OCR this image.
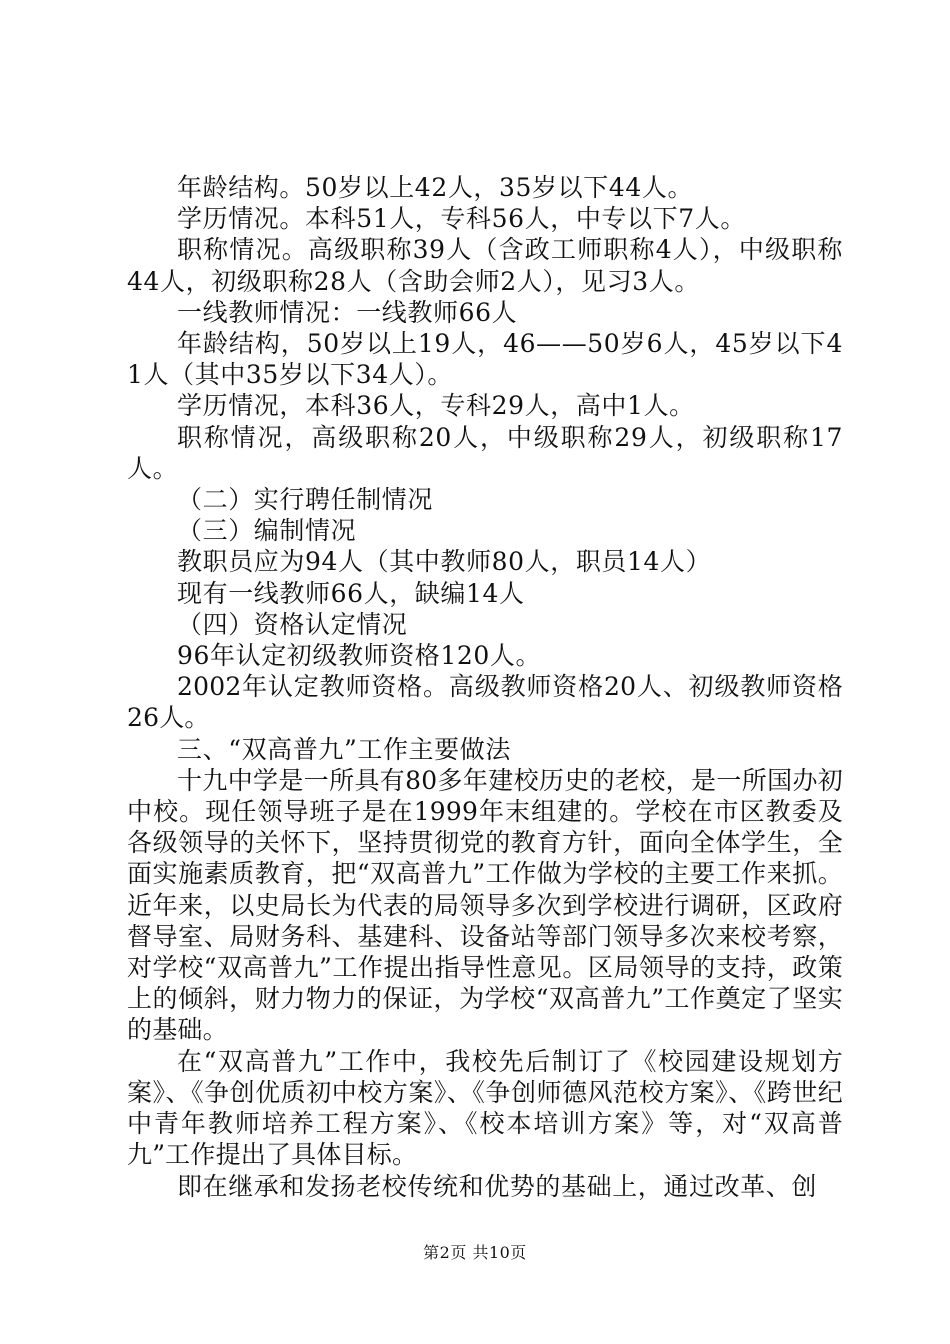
年龄结构。50岁以上42人，35岁以下44人。

学历情况。本科51人，专科56人，中专以下7人。

职称情况。高级职称39人（含政工师职称4人），中级职称44人，初级职称28人（含助会师2人），见习3人。

一线教师情况：一线教师66人

年龄结构，50岁以上19人，46——50岁6人，45岁以下41人（其中35岁以下34人）。

学历情况，本科36人，专科29人，高中1人。

职称情况，高级职称20人，中级职称29人，初级职称17人。

（二）实行聘任制情况

（三）编制情况

教职员应为94人（其中教师80人，职员14人）

现有一线教师66人，缺编14人

（四）资格认定情况

96年认定初级教师资格120人。

2002年认定教师资格。高级教师资格20人、初级教师资格26人。

三、“双高普九”工作主要做法

十九中学是一所具有80多年建校历史的老校，是一所国办初中校。现任领导班子是在1999年末组建的。学校在市区教委及各级领导的关怀下，坚持贯彻党的教育方针，面向全体学生，全面实施素质教育，把“双高普九”工作做为学校的主要工作来抓。近年来，以史局长为代表的局领导多次到学校进行调研，区政府督导室、局财务科、基建科、设备站等部门领导多次来校考察，对学校“双高普九”工作提出指导性意见。区局领导的支持，政策上的倾斜，财力物力的保证，为学校“双高普九”工作奠定了坚实的基础。

在“双高普九”工作中，我校先后制订了《校园建设规划方案》、《争创优质初中校方案》、《争创师德风范校方案》、《跨世纪中青年教师培养工程方案》、《校本培训方案》等，对“双高普九”工作提出了具体目标。

即在继承和发扬老校传统和优势的基础上，通过改革、创

第2页 共10页
